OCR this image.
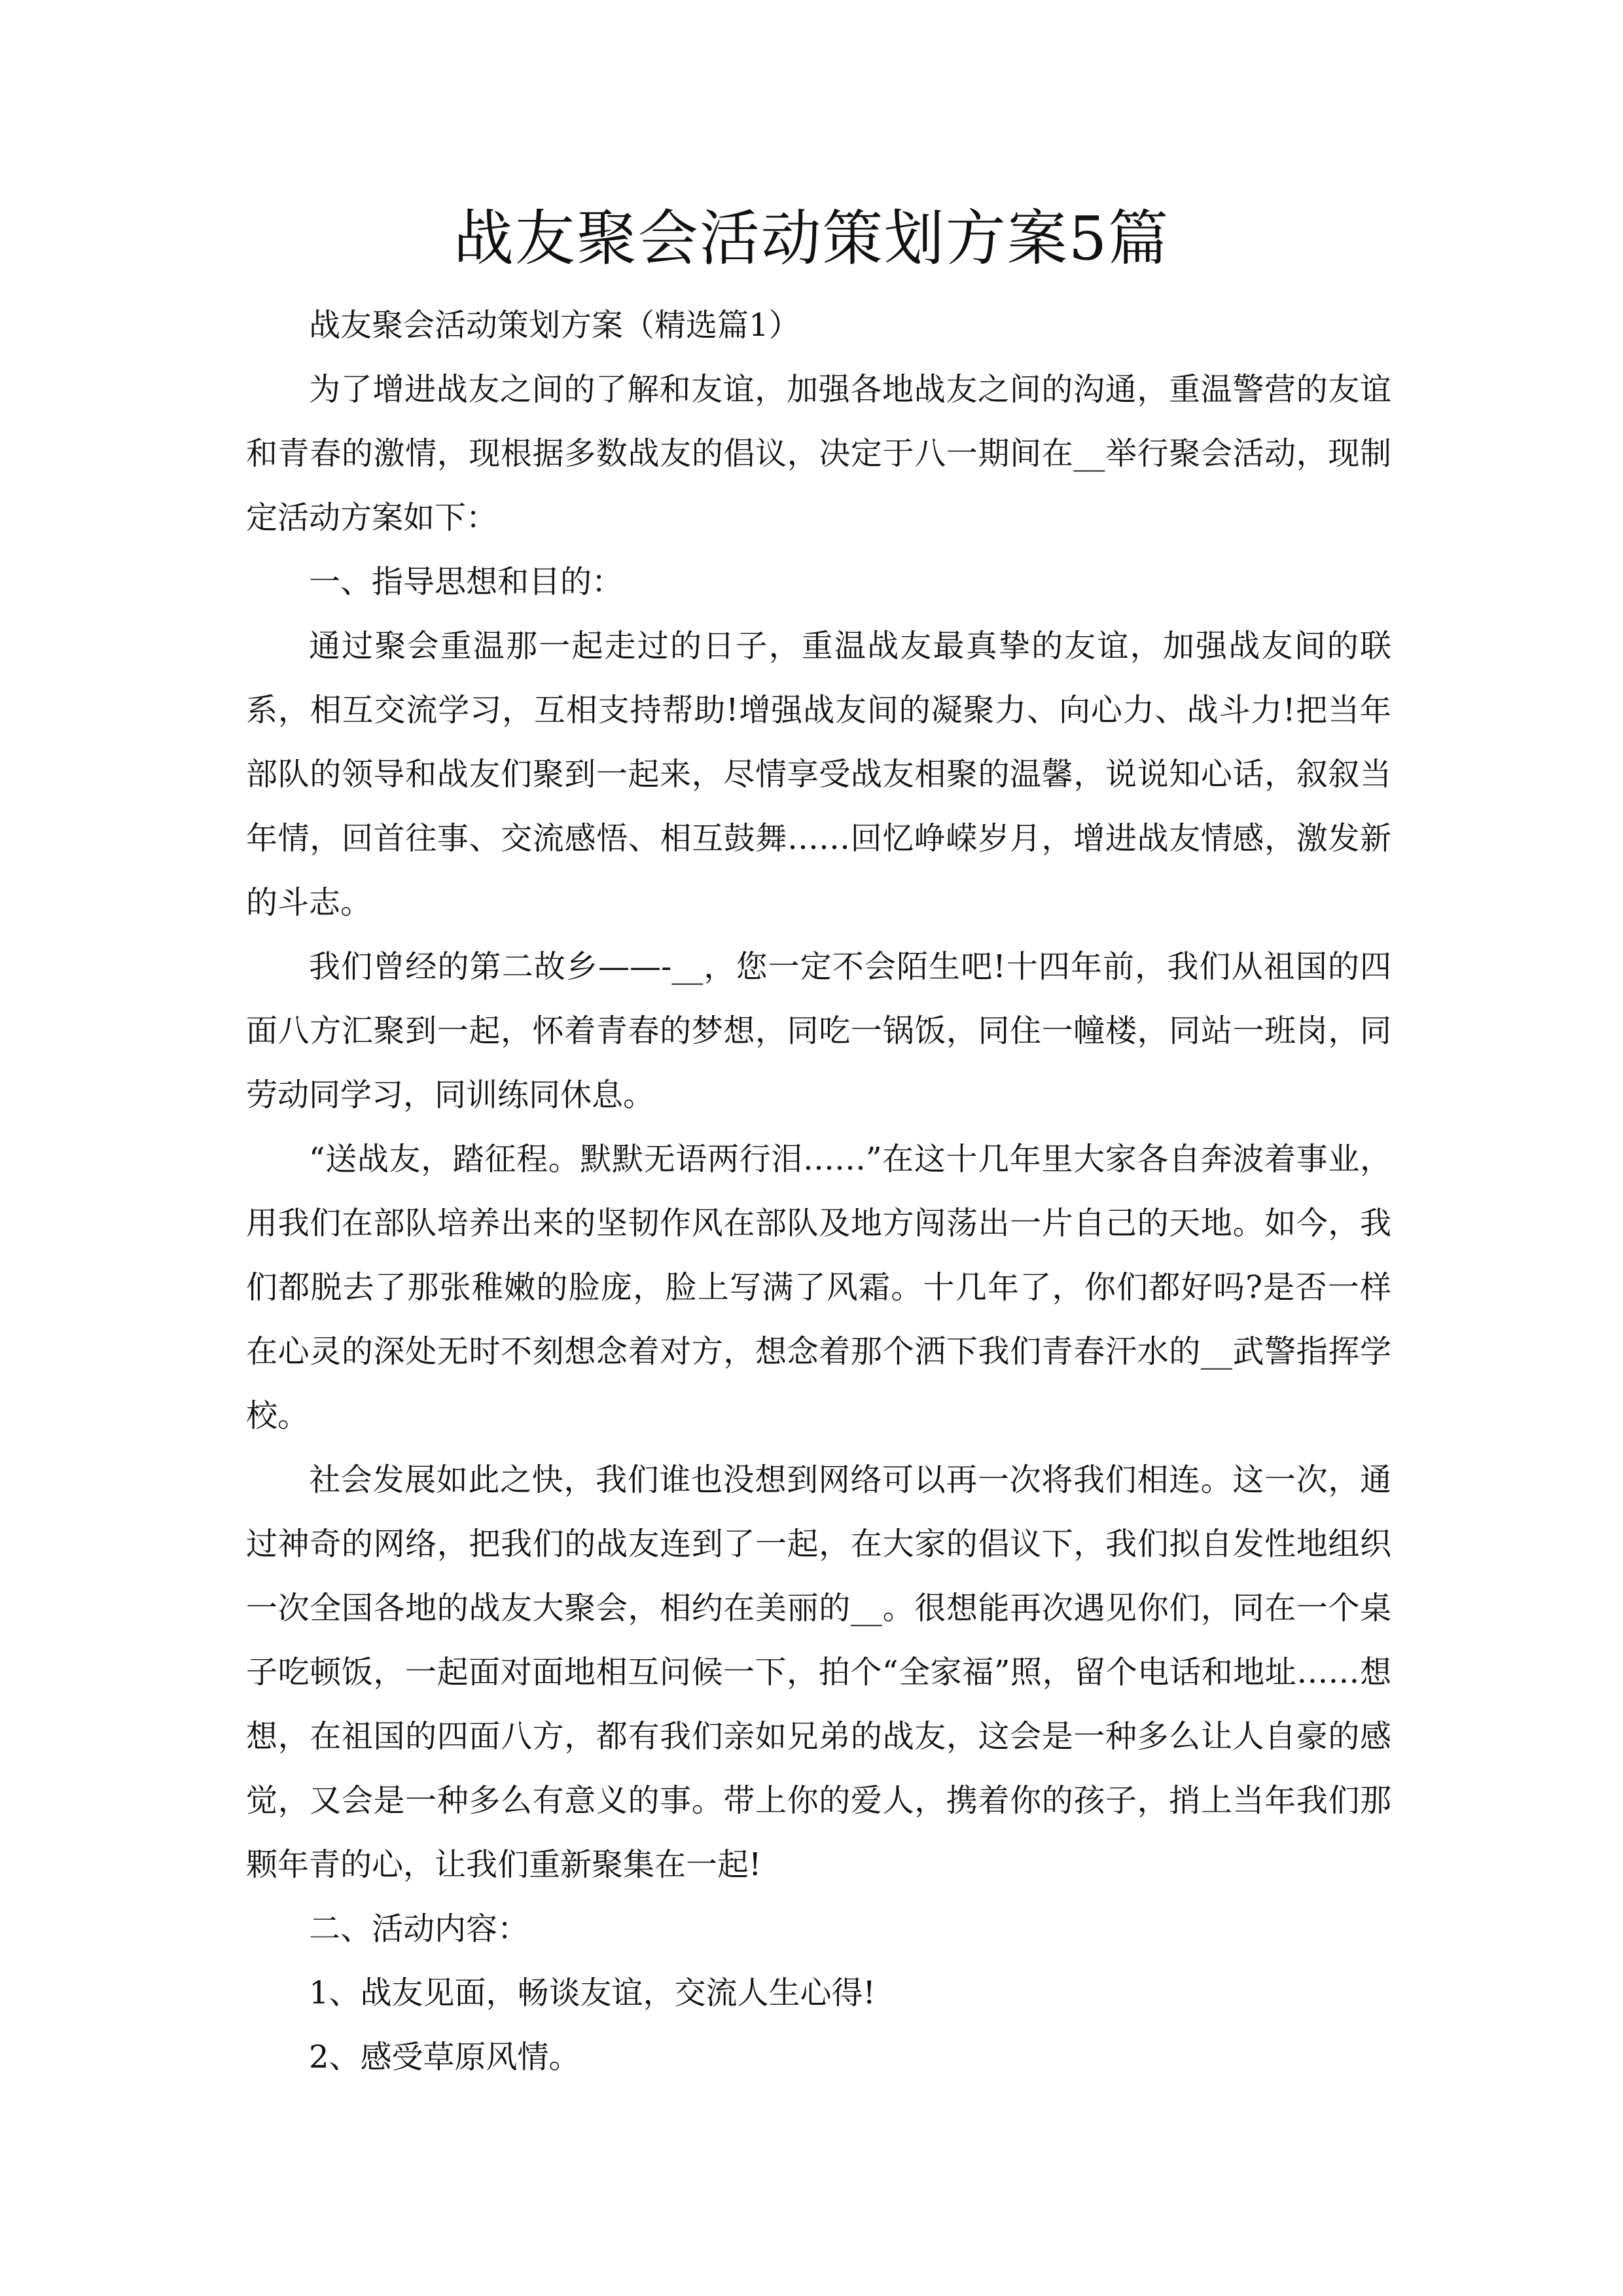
战友聚会活动策划方案5篇

战友聚会活动策划方案（精选篇1）

为了增进战友之间的了解和友谊，加强各地战友之间的沟通，重温警营的友谊和青春的激情，现根据多数战友的倡议，决定于八一期间在__举行聚会活动，现制定活动方案如下：

一、指导思想和目的：

通过聚会重温那一起走过的日子，重温战友最真挚的友谊，加强战友间的联系，相互交流学习，互相支持帮助!增强战友间的凝聚力、向心力、战斗力!把当年部队的领导和战友们聚到一起来，尽情享受战友相聚的温馨，说说知心话，叙叙当年情，回首往事、交流感悟、相互鼓舞……回忆峥嵘岁月，增进战友情感，激发新的斗志。

我们曾经的第二故乡——-__，您一定不会陌生吧!十四年前，我们从祖国的四面八方汇聚到一起，怀着青春的梦想，同吃一锅饭，同住一幢楼，同站一班岗，同劳动同学习，同训练同休息。

“送战友，踏征程。默默无语两行泪……”在这十几年里大家各自奔波着事业，用我们在部队培养出来的坚韧作风在部队及地方闯荡出一片自己的天地。如今，我们都脱去了那张稚嫩的脸庞，脸上写满了风霜。十几年了，你们都好吗?是否一样在心灵的深处无时不刻想念着对方，想念着那个洒下我们青春汗水的__武警指挥学校。

社会发展如此之快，我们谁也没想到网络可以再一次将我们相连。这一次，通过神奇的网络，把我们的战友连到了一起，在大家的倡议下，我们拟自发性地组织一次全国各地的战友大聚会，相约在美丽的__。很想能再次遇见你们，同在一个桌子吃顿饭，一起面对面地相互问候一下，拍个“全家福”照，留个电话和地址……想想，在祖国的四面八方，都有我们亲如兄弟的战友，这会是一种多么让人自豪的感觉，又会是一种多么有意义的事。带上你的爱人，携着你的孩子，捎上当年我们那颗年青的心，让我们重新聚集在一起!

二、活动内容：

1、战友见面，畅谈友谊，交流人生心得!

2、感受草原风情。
